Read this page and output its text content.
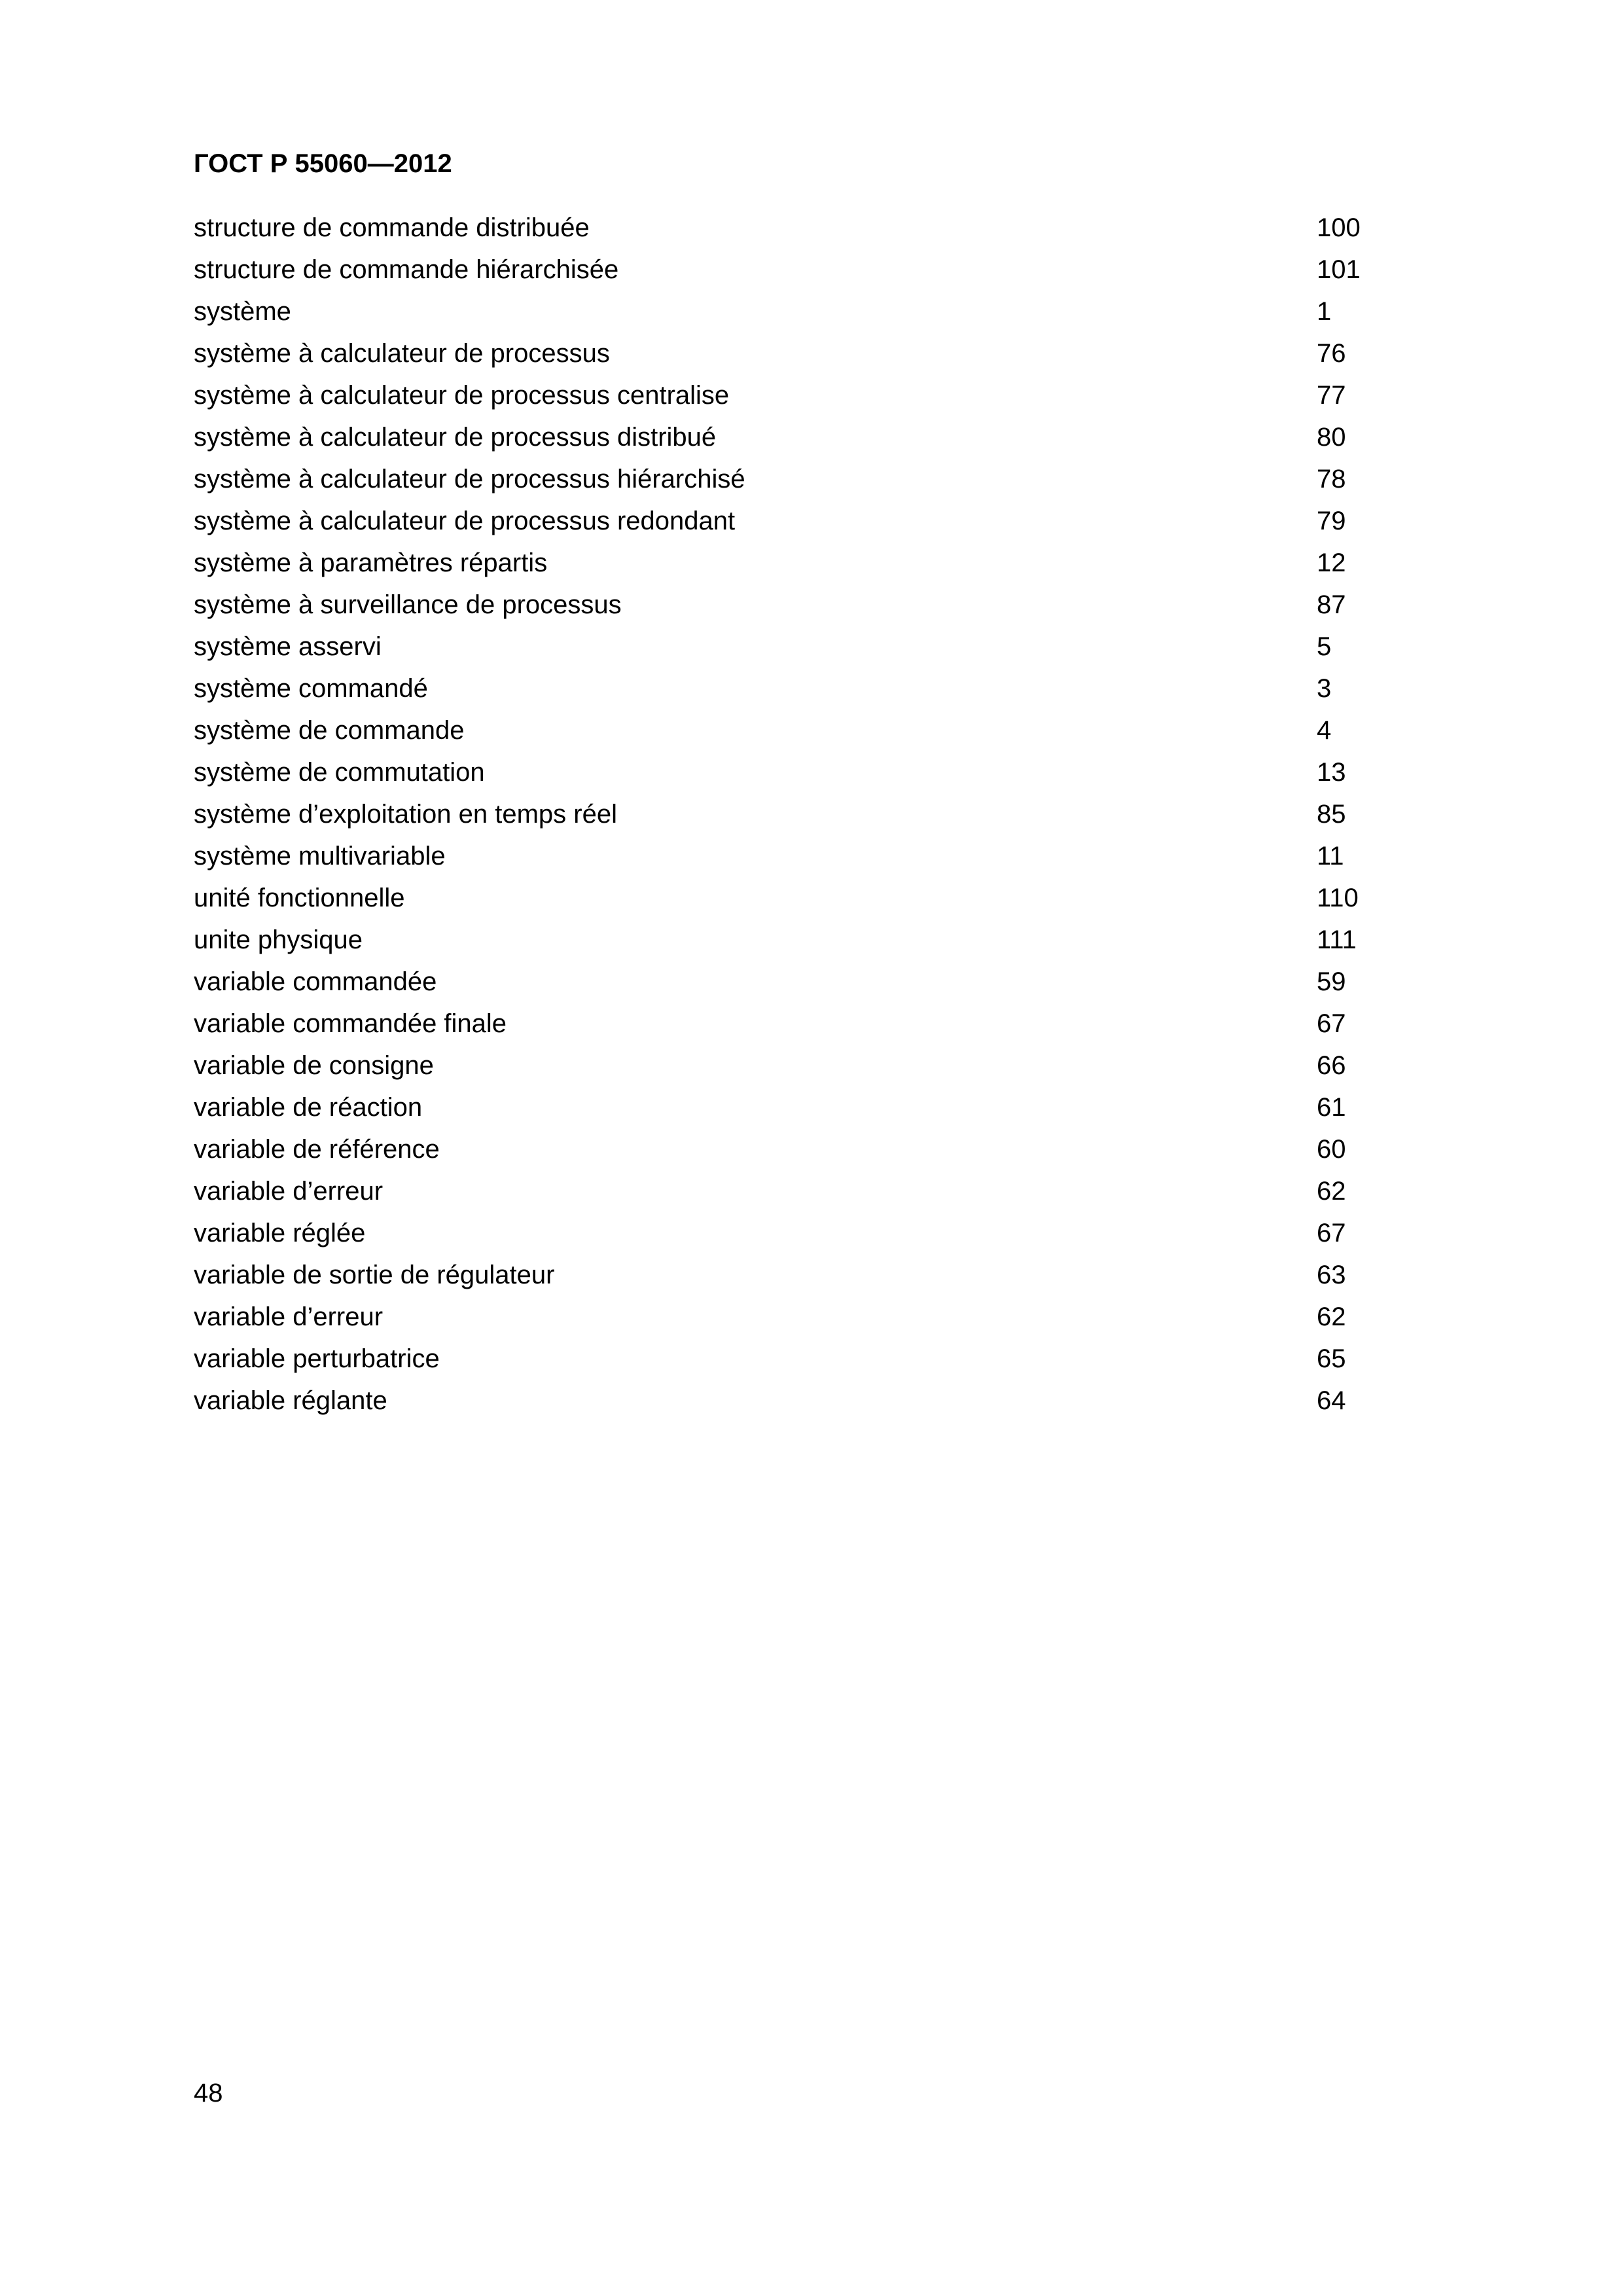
ГОСТ Р 55060—2012
structure de commande distribuée	100
structure de commande hiérarchisée	101
système	1
système à calculateur de processus	76
système à calculateur de processus centralise	77
système à calculateur de processus distribué	80
système à calculateur de processus hiérarchisé	78
système à calculateur de processus redondant	79
système à paramètres répartis	12
système à surveillance de processus	87
système asservi	5
système commandé	3
système de commande	4
système de commutation	13
système d’exploitation en temps réel	85
système multivariable	11
unité fonctionnelle	110
unite physique	111
variable commandée	59
variable commandée finale	67
variable de consigne	66
variable de réaction	61
variable de référence	60
variable d’erreur	62
variable réglée	67
variable de sortie de régulateur	63
variable d’erreur	62
variable perturbatrice	65
variable réglante	64
48
